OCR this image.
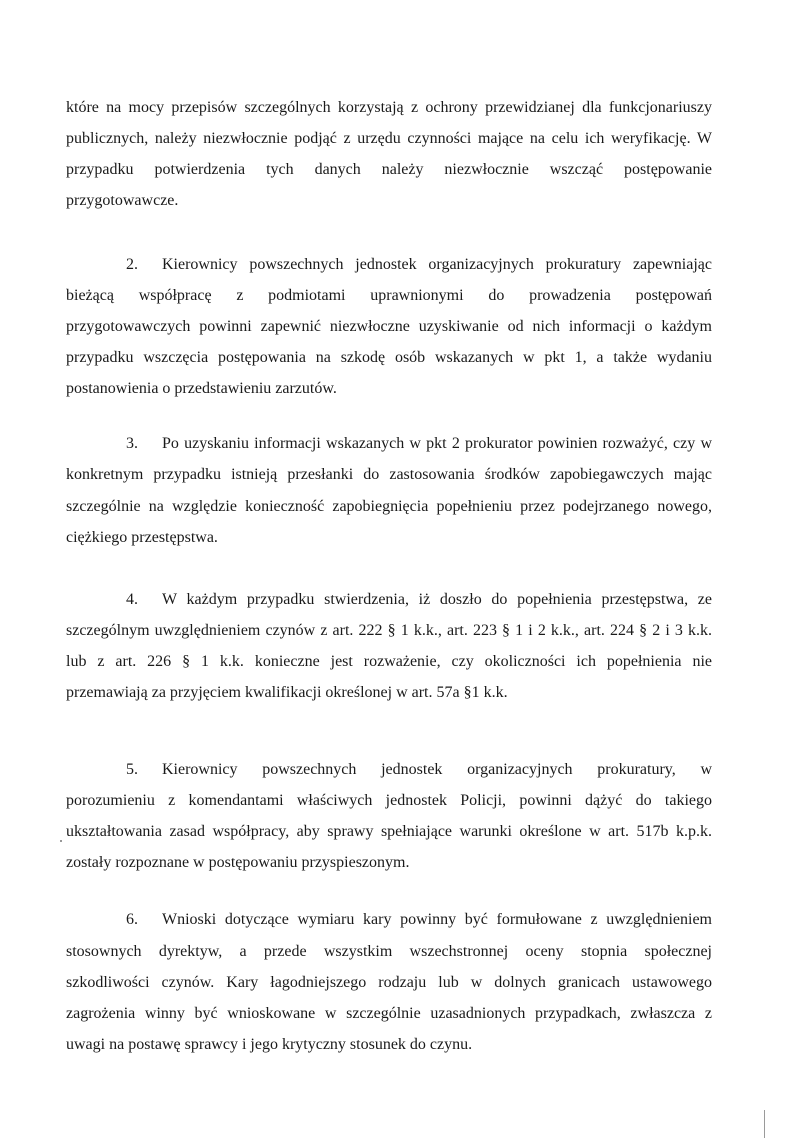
które na mocy przepisów szczególnych korzystają z ochrony przewidzianej dla funkcjonariuszy
publicznych, należy niezwłocznie podjąć z urzędu czynności mające na celu ich weryfikację. W
przypadku potwierdzenia tych danych należy niezwłocznie wszcząć postępowanie
przygotowawcze.
2. Kierownicy powszechnych jednostek organizacyjnych prokuratury zapewniając
bieżącą współpracę z podmiotami uprawnionymi do prowadzenia postępowań
przygotowawczych powinni zapewnić niezwłoczne uzyskiwanie od nich informacji o każdym
przypadku wszczęcia postępowania na szkodę osób wskazanych w pkt 1, a także wydaniu
postanowienia o przedstawieniu zarzutów.
3. Po uzyskaniu informacji wskazanych w pkt 2 prokurator powinien rozważyć, czy w
konkretnym przypadku istnieją przesłanki do zastosowania środków zapobiegawczych mając
szczególnie na względzie konieczność zapobiegnięcia popełnieniu przez podejrzanego nowego,
ciężkiego przestępstwa.
4. W każdym przypadku stwierdzenia, iż doszło do popełnienia przestępstwa, ze
szczególnym uwzględnieniem czynów z art. 222 § 1 k.k., art. 223 § 1 i 2 k.k., art. 224 § 2 i 3 k.k.
lub z art. 226 § 1 k.k. konieczne jest rozważenie, czy okoliczności ich popełnienia nie
przemawiają za przyjęciem kwalifikacji określonej w art. 57a §1 k.k.
5. Kierownicy powszechnych jednostek organizacyjnych prokuratury, w
porozumieniu z komendantami właściwych jednostek Policji, powinni dążyć do takiego
ukształtowania zasad współpracy, aby sprawy spełniające warunki określone w art. 517b k.p.k.
zostały rozpoznane w postępowaniu przyspieszonym.
6. Wnioski dotyczące wymiaru kary powinny być formułowane z uwzględnieniem
stosownych dyrektyw, a przede wszystkim wszechstronnej oceny stopnia społecznej
szkodliwości czynów. Kary łagodniejszego rodzaju lub w dolnych granicach ustawowego
zagrożenia winny być wnioskowane w szczególnie uzasadnionych przypadkach, zwłaszcza z
uwagi na postawę sprawcy i jego krytyczny stosunek do czynu.
